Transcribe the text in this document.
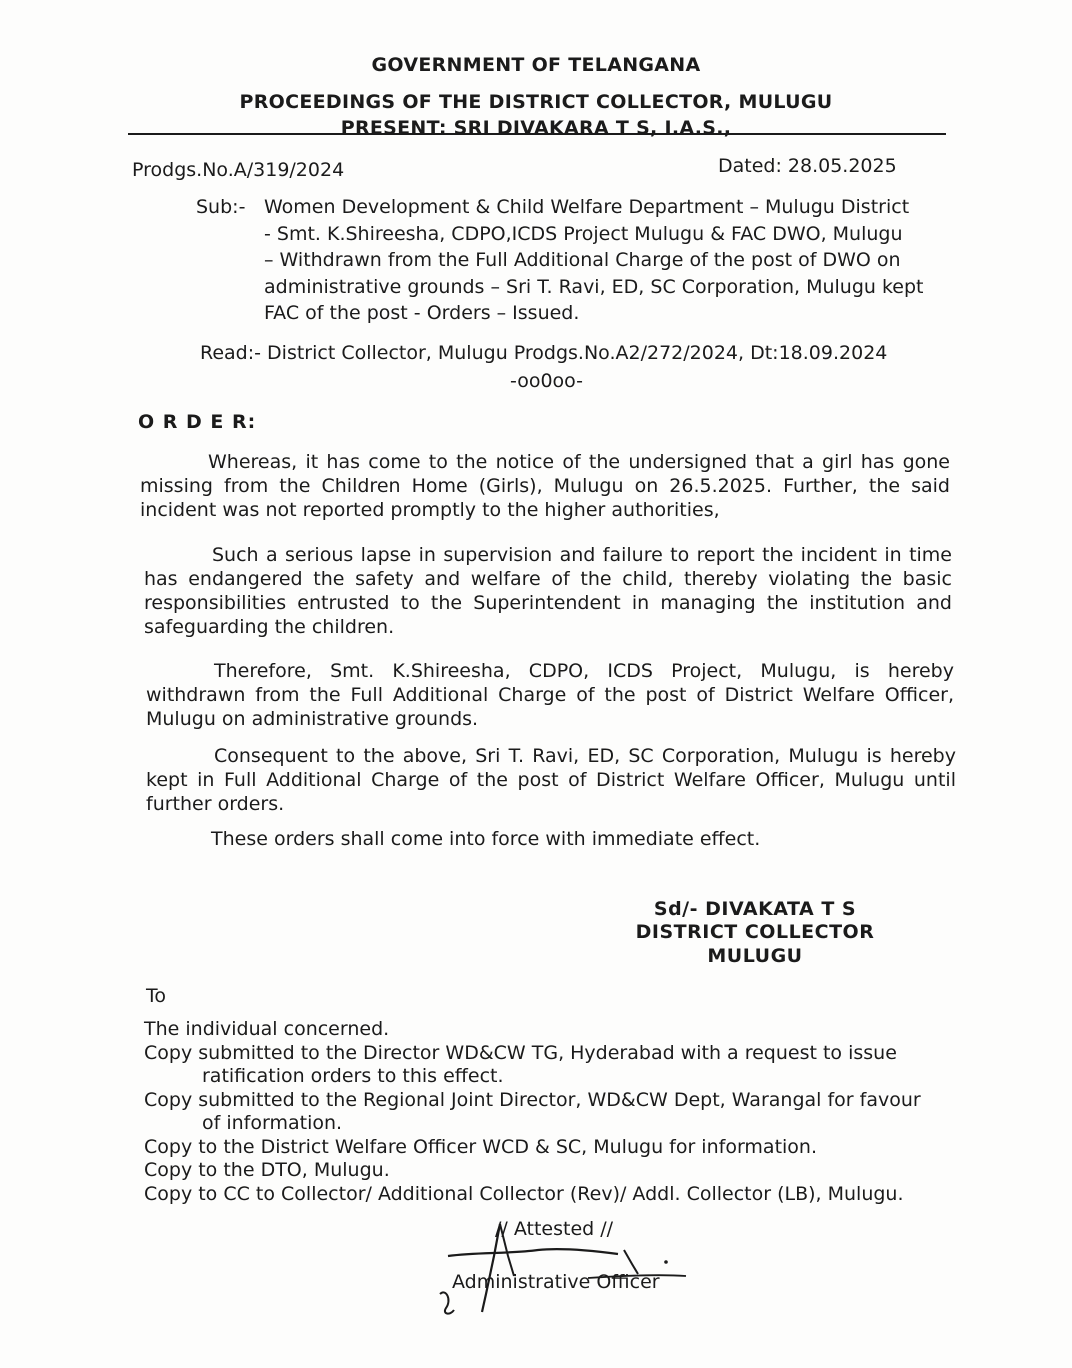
GOVERNMENT OF TELANGANA
PROCEEDINGS OF THE DISTRICT COLLECTOR, MULUGU
PRESENT: SRI DIVAKARA T S, I.A.S.,
Prodgs.No.A/319/2024	Dated: 28.05.2025
Sub:- Women Development & Child Welfare Department – Mulugu District
- Smt. K.Shireesha, CDPO,ICDS Project Mulugu & FAC DWO, Mulugu
– Withdrawn from the Full Additional Charge of the post of DWO on
administrative grounds – Sri T. Ravi, ED, SC Corporation, Mulugu kept
FAC of the post - Orders – Issued.
Read:- District Collector, Mulugu Prodgs.No.A2/272/2024, Dt:18.09.2024
-oo0oo-
O R D E R:
Whereas, it has come to the notice of the undersigned that a girl has gone missing from the Children Home (Girls), Mulugu on 26.5.2025. Further, the said incident was not reported promptly to the higher authorities,
Such a serious lapse in supervision and failure to report the incident in time has endangered the safety and welfare of the child, thereby violating the basic responsibilities entrusted to the Superintendent in managing the institution and safeguarding the children.
Therefore, Smt. K.Shireesha, CDPO, ICDS Project, Mulugu, is hereby withdrawn from the Full Additional Charge of the post of District Welfare Officer, Mulugu on administrative grounds.
Consequent to the above, Sri T. Ravi, ED, SC Corporation, Mulugu is hereby kept in Full Additional Charge of the post of District Welfare Officer, Mulugu until further orders.
These orders shall come into force with immediate effect.
Sd/- DIVAKATA T S
DISTRICT COLLECTOR
MULUGU
To
The individual concerned.
Copy submitted to the Director WD&CW TG, Hyderabad with a request to issue
ratification orders to this effect.
Copy submitted to the Regional Joint Director, WD&CW Dept, Warangal for favour
of information.
Copy to the District Welfare Officer WCD & SC, Mulugu for information.
Copy to the DTO, Mulugu.
Copy to CC to Collector/ Additional Collector (Rev)/ Addl. Collector (LB), Mulugu.
// Attested //
Administrative Officer
